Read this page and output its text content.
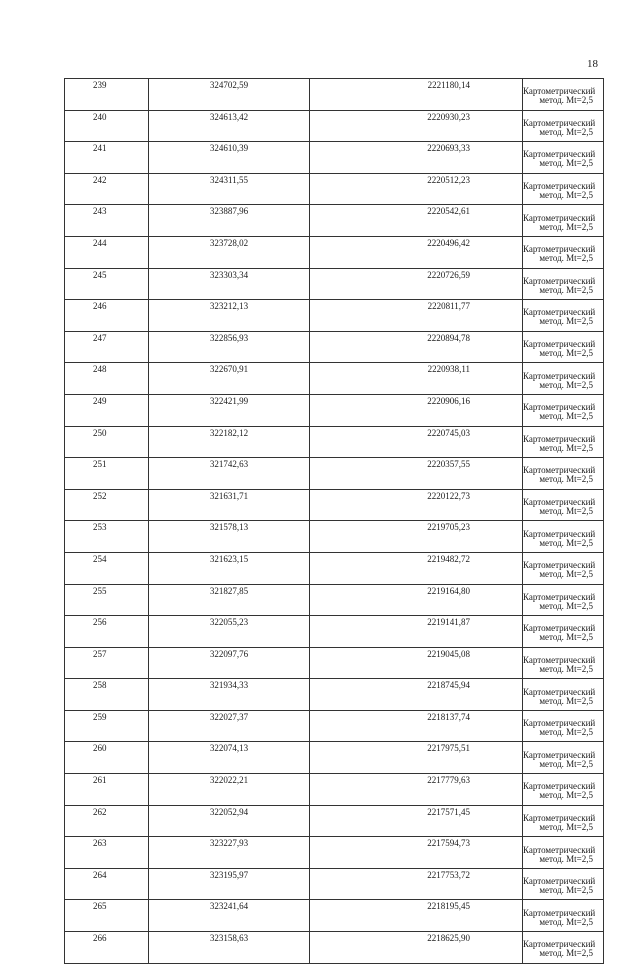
18
239	324702,59	2221180,14	Картометрический метод. Mt=2,5
240	324613,42	2220930,23	Картометрический метод. Mt=2,5
241	324610,39	2220693,33	Картометрический метод. Mt=2,5
242	324311,55	2220512,23	Картометрический метод. Mt=2,5
243	323887,96	2220542,61	Картометрический метод. Mt=2,5
244	323728,02	2220496,42	Картометрический метод. Mt=2,5
245	323303,34	2220726,59	Картометрический метод. Mt=2,5
246	323212,13	2220811,77	Картометрический метод. Mt=2,5
247	322856,93	2220894,78	Картометрический метод. Mt=2,5
248	322670,91	2220938,11	Картометрический метод. Mt=2,5
249	322421,99	2220906,16	Картометрический метод. Mt=2,5
250	322182,12	2220745,03	Картометрический метод. Mt=2,5
251	321742,63	2220357,55	Картометрический метод. Mt=2,5
252	321631,71	2220122,73	Картометрический метод. Mt=2,5
253	321578,13	2219705,23	Картометрический метод. Mt=2,5
254	321623,15	2219482,72	Картометрический метод. Mt=2,5
255	321827,85	2219164,80	Картометрический метод. Mt=2,5
256	322055,23	2219141,87	Картометрический метод. Mt=2,5
257	322097,76	2219045,08	Картометрический метод. Mt=2,5
258	321934,33	2218745,94	Картометрический метод. Mt=2,5
259	322027,37	2218137,74	Картометрический метод. Mt=2,5
260	322074,13	2217975,51	Картометрический метод. Mt=2,5
261	322022,21	2217779,63	Картометрический метод. Mt=2,5
262	322052,94	2217571,45	Картометрический метод. Mt=2,5
263	323227,93	2217594,73	Картометрический метод. Mt=2,5
264	323195,97	2217753,72	Картометрический метод. Mt=2,5
265	323241,64	2218195,45	Картометрический метод. Mt=2,5
266	323158,63	2218625,90	Картометрический метод. Mt=2,5
